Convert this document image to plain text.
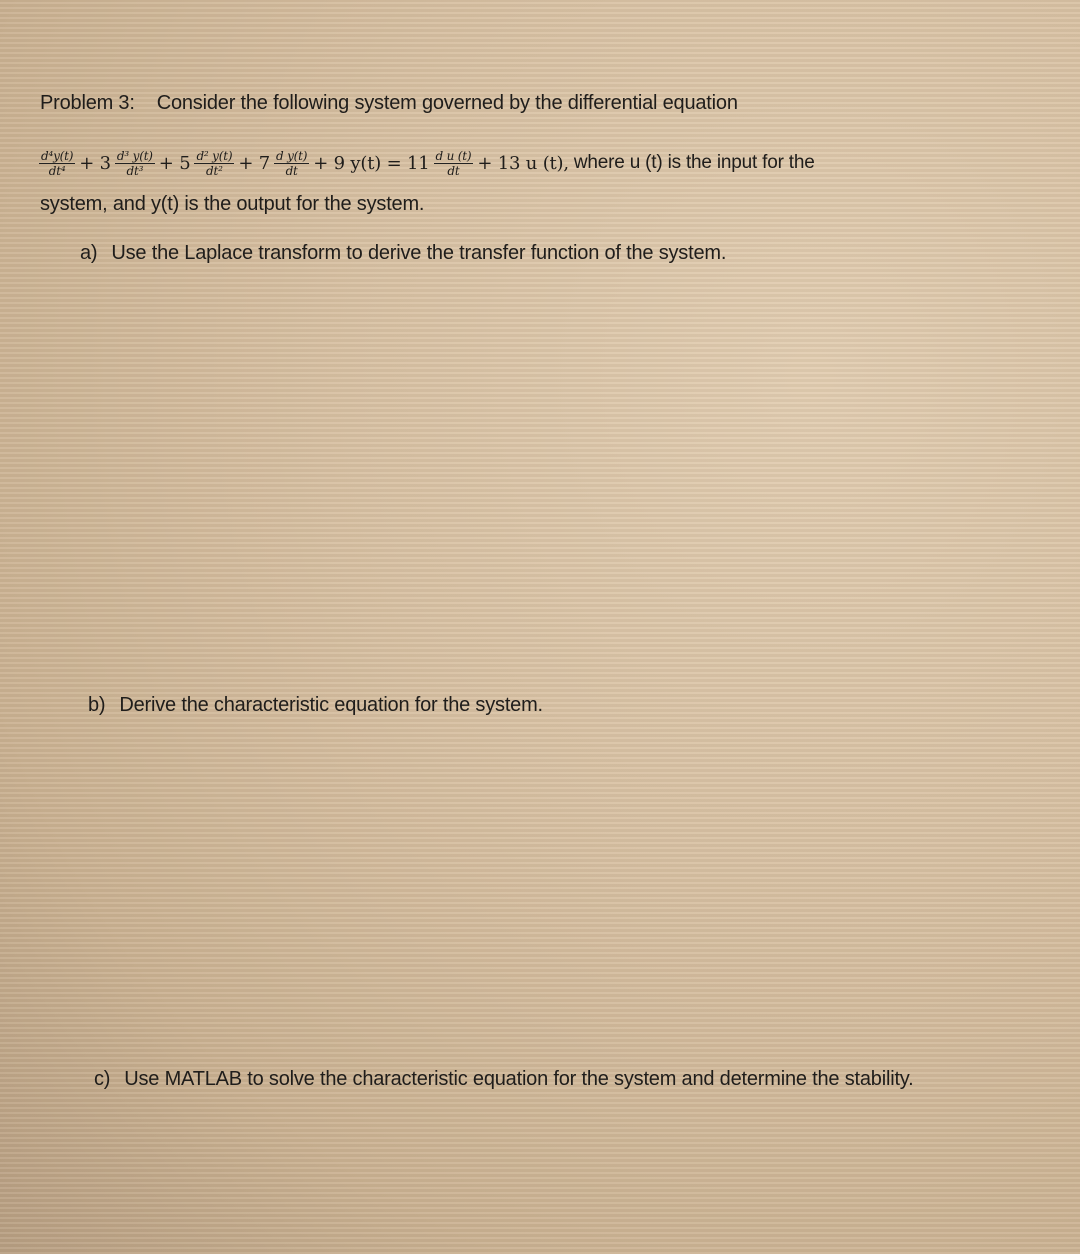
Problem 3: Consider the following system governed by the differential equation
$\frac{\text{d⁴y(t)}}{\text{dt⁴}} + 3 \frac{\text{d³ y(t)}}{\text{dt³}} + 5 \frac{\text{d² y(t)}}{\text{dt²}} + 7 \frac{\text{d y(t)}}{dt} + 9$ $y(t) = 11 \frac{\text{d u (t)}}{dt} + 13$ u (t), where u (t) is the input for the
system, and y(t) is the output for the system.
a) Use the Laplace transform to derive the transfer function of the system.
b) Derive the characteristic equation for the system.
c) Use MATLAB to solve the characteristic equation for the system and determine the stability.
